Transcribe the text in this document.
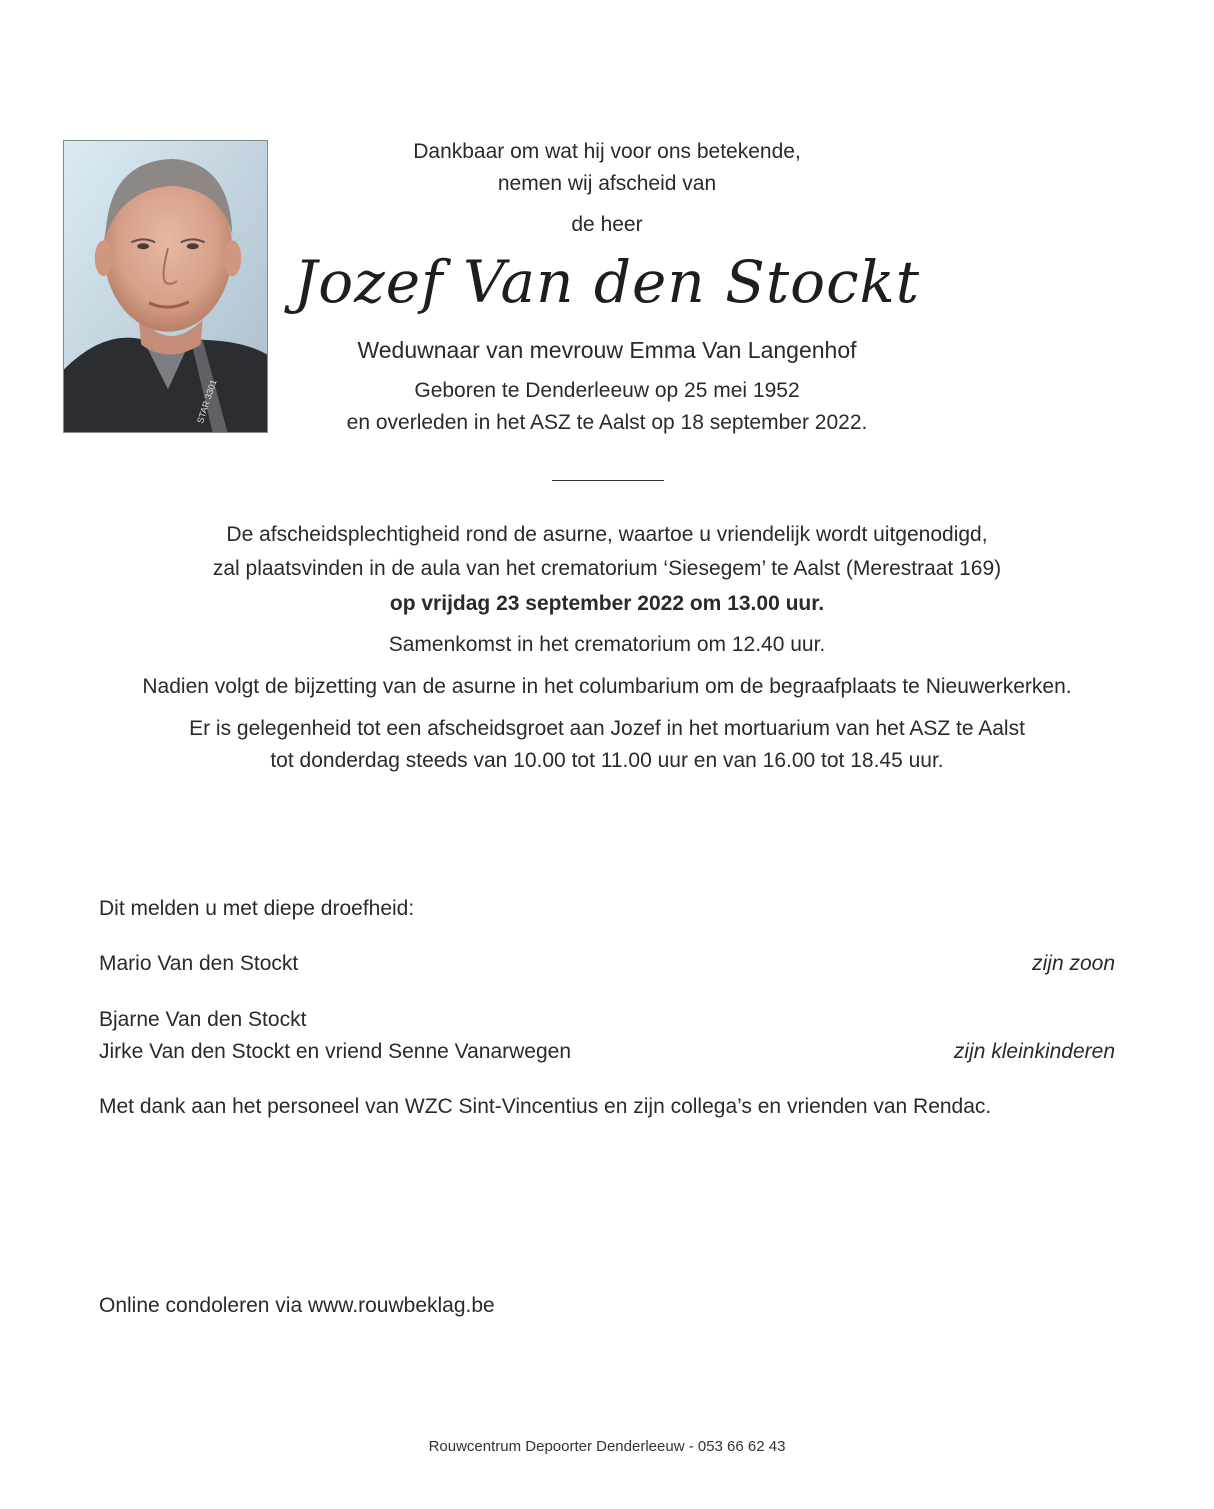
STAR 3301
Dankbaar om wat hij voor ons betekende,
nemen wij afscheid van
de heer
Jozef Van den Stockt
Weduwnaar van mevrouw Emma Van Langenhof
Geboren te Denderleeuw op 25 mei 1952
en overleden in het ASZ te Aalst op 18 september 2022.
De afscheidsplechtigheid rond de asurne, waartoe u vriendelijk wordt uitgenodigd,
zal plaatsvinden in de aula van het crematorium ‘Siesegem’ te Aalst (Merestraat 169)
op vrijdag 23 september 2022 om 13.00 uur.
Samenkomst in het crematorium om 12.40 uur.
Nadien volgt de bijzetting van de asurne in het columbarium om de begraafplaats te Nieuwerkerken.
Er is gelegenheid tot een afscheidsgroet aan Jozef in het mortuarium van het ASZ te Aalst
tot donderdag steeds van 10.00 tot 11.00 uur en van 16.00 tot 18.45 uur.
Dit melden u met diepe droefheid:
Mario Van den Stockt	zijn zoon
Bjarne Van den Stockt
Jirke Van den Stockt en vriend Senne Vanarwegen	zijn kleinkinderen
Met dank aan het personeel van WZC Sint-Vincentius en zijn collega’s en vrienden van Rendac.
Online condoleren via www.rouwbeklag.be
Rouwcentrum Depoorter Denderleeuw - 053 66 62 43
